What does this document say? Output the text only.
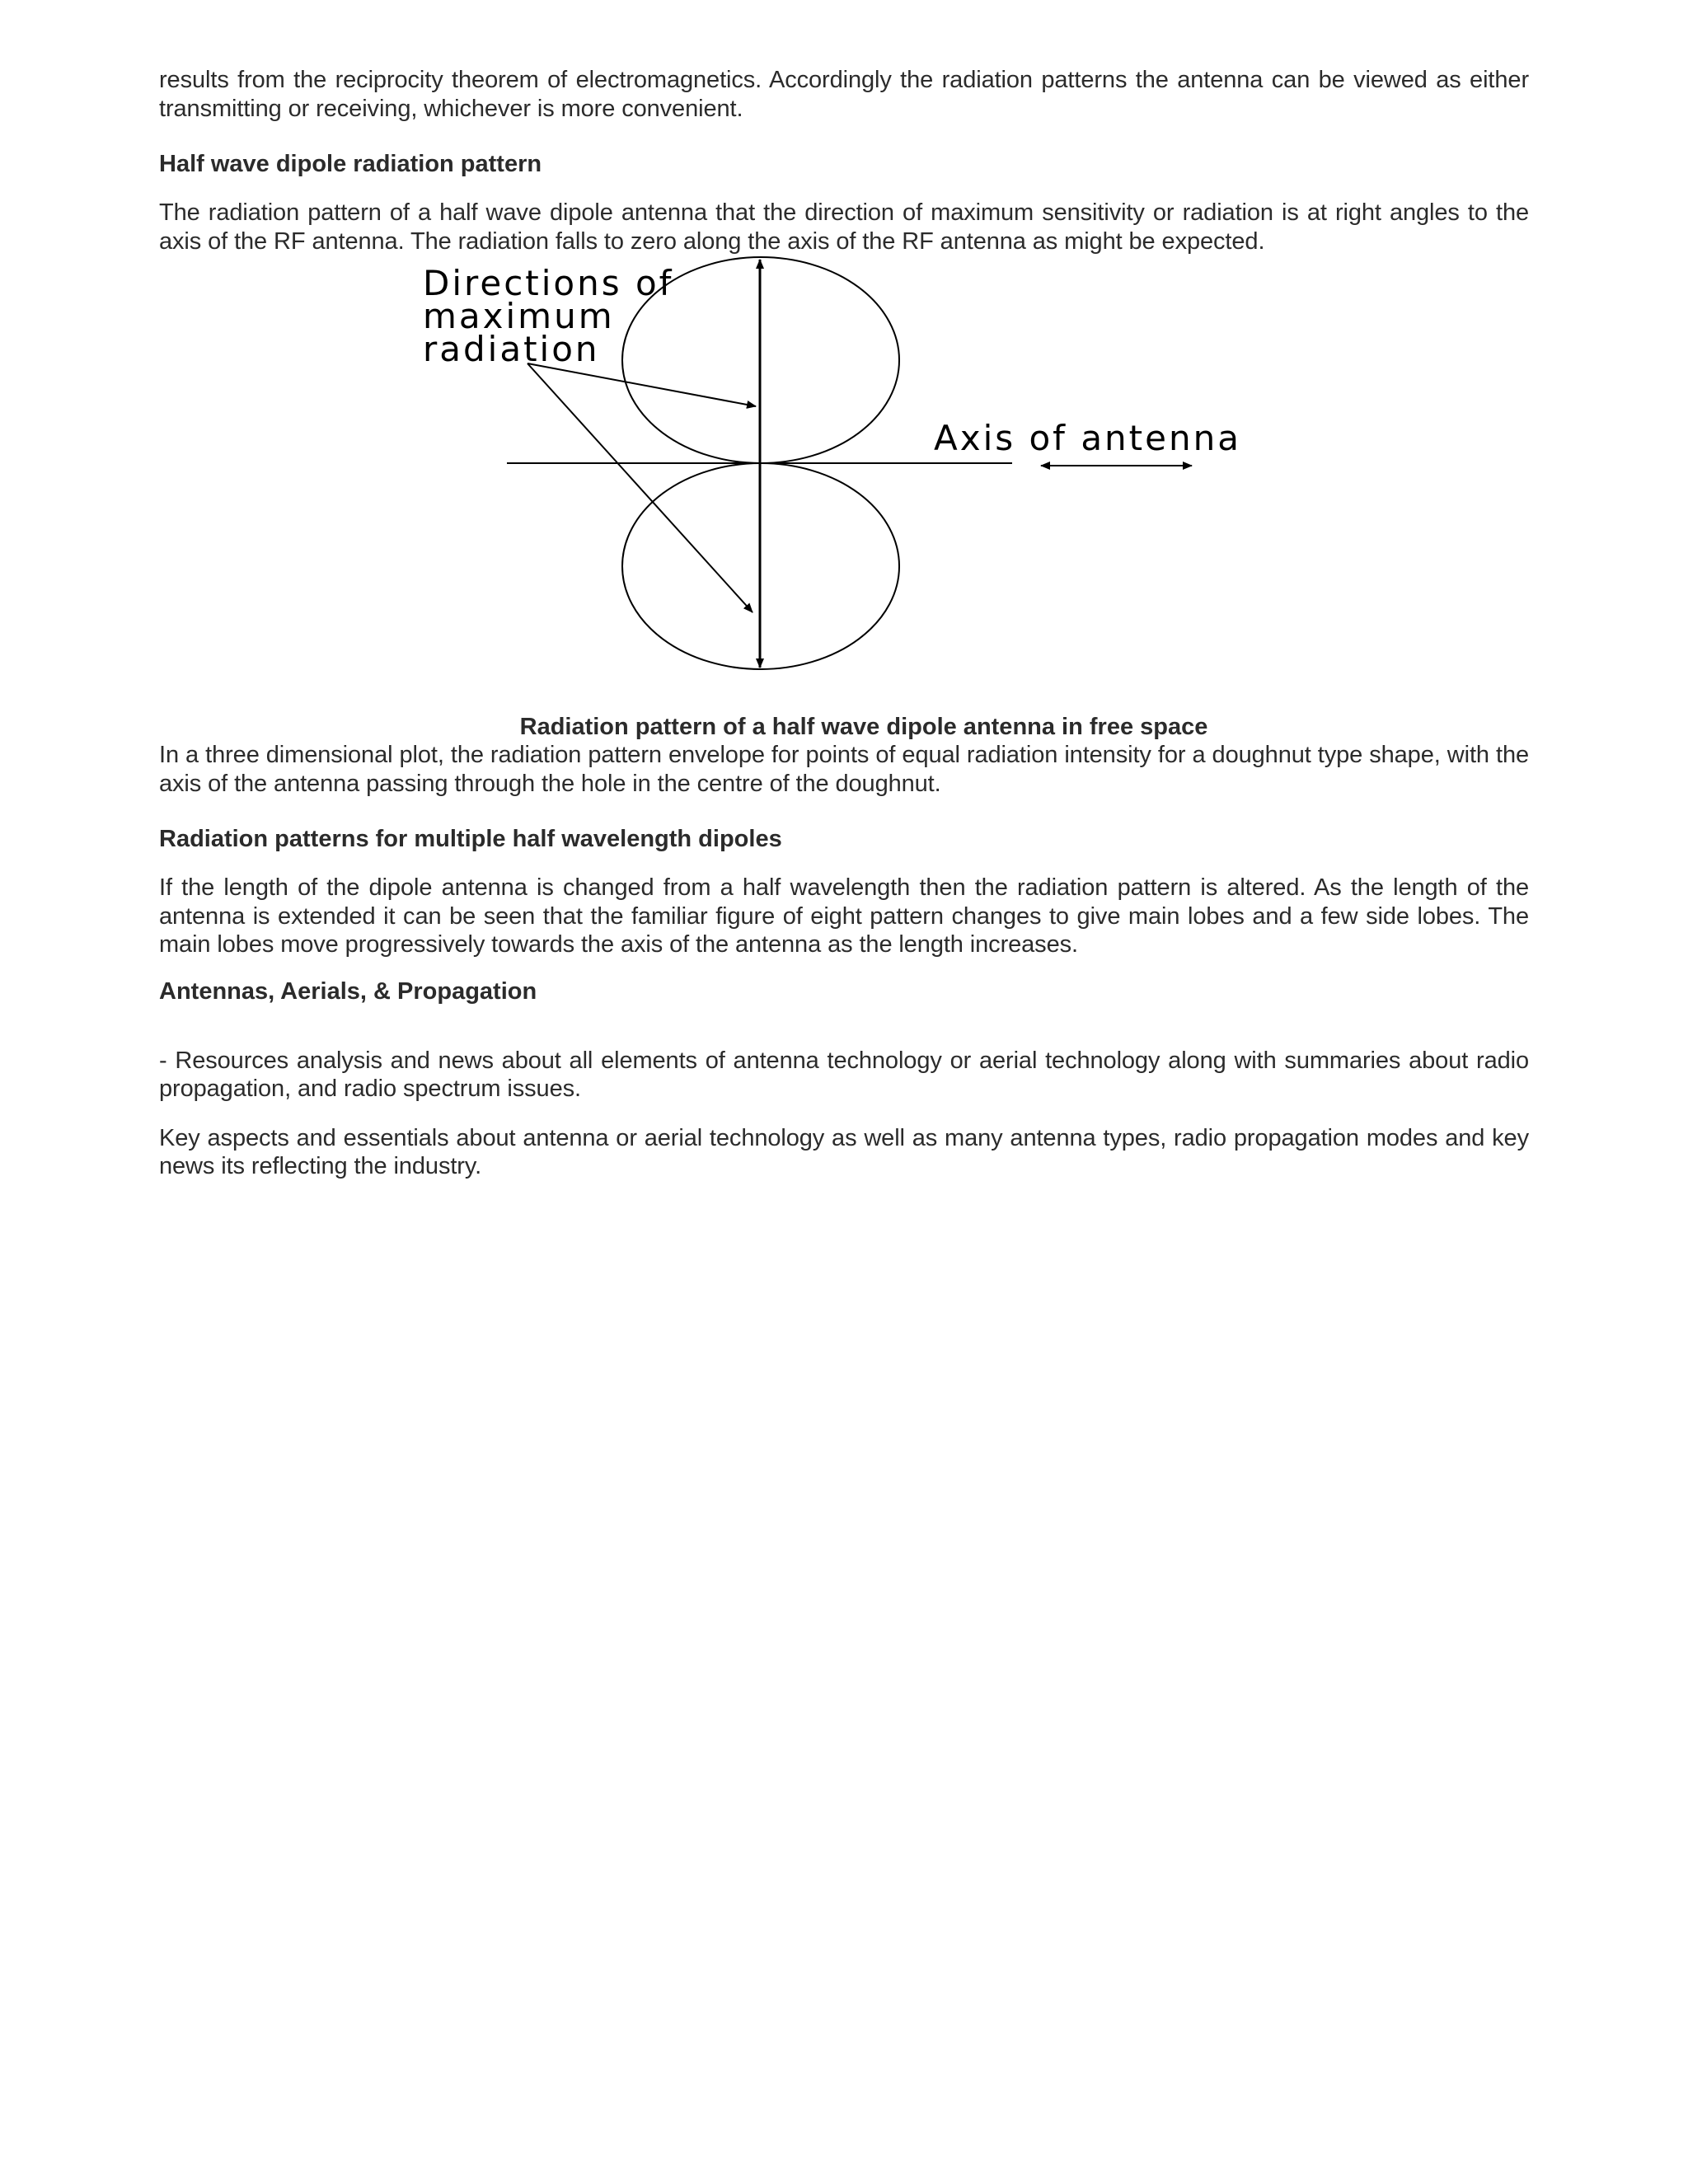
results from the reciprocity theorem of electromagnetics. Accordingly the radiation patterns the antenna can be viewed as either transmitting or receiving, whichever is more convenient.

Half wave dipole radiation pattern

The radiation pattern of a half wave dipole antenna that the direction of maximum sensitivity or radiation is at right angles to the axis of the RF antenna. The radiation falls to zero along the axis of the RF antenna as might be expected.

Directions of
maximum
radiation
Axis of antenna

Radiation pattern of a half wave dipole antenna in free space

In a three dimensional plot, the radiation pattern envelope for points of equal radiation intensity for a doughnut type shape, with the axis of the antenna passing through the hole in the centre of the doughnut.

Radiation patterns for multiple half wavelength dipoles

If the length of the dipole antenna is changed from a half wavelength then the radiation pattern is altered. As the length of the antenna is extended it can be seen that the familiar figure of eight pattern changes to give main lobes and a few side lobes. The main lobes move progressively towards the axis of the antenna as the length increases.

Antennas, Aerials, & Propagation

- Resources analysis and news about all elements of antenna technology or aerial technology along with summaries about radio propagation, and radio spectrum issues.

Key aspects and essentials about antenna or aerial technology as well as many antenna types, radio propagation modes and key news its reflecting the industry.
